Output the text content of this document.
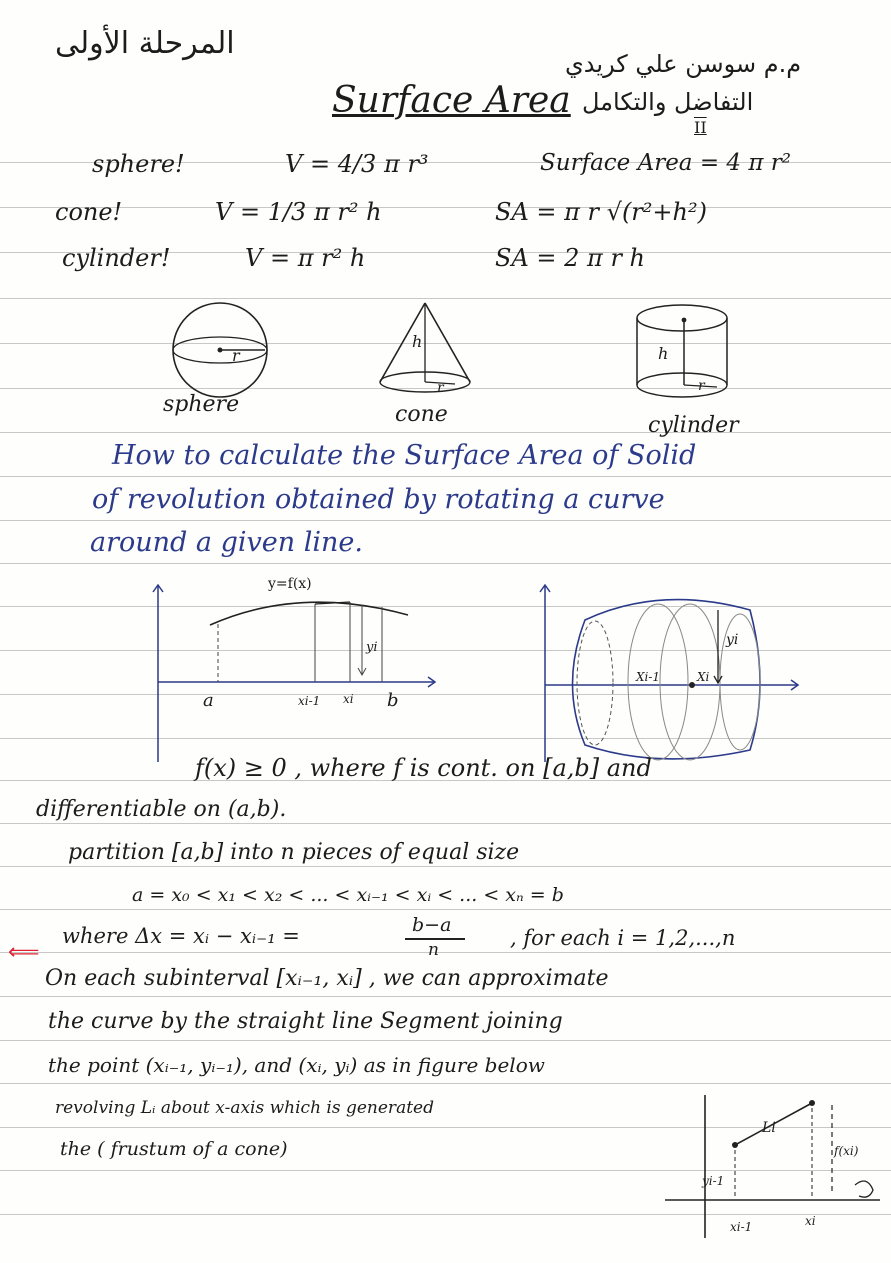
المرحلة الأولى
م.م سوسن علي كريدي
التفاضل والتكامل
II
Surface Area
sphere!	V = 4/3 π r³	Surface Area = 4 π r²
cone!	V = 1/3 π r² h	SA = π r √(r²+h²)
cylinder!	V = π r² h	SA = 2 π r h
r
sphere
h
r
cone
h
r
cylinder
How to calculate the Surface Area of Solid
of revolution obtained by rotating a curve
around a given line.
y=f(x)
yi
a	xi-1 xi b
yi
Xi-1	Xi
f(x) ≥ 0 , where f is cont. on [a,b] and
differentiable on (a,b).
partition [a,b] into n pieces of equal size
a = x₀ < x₁ < x₂ < ... < xᵢ₋₁ < xᵢ < ... < xₙ = b
where Δx = xᵢ − xᵢ₋₁ =	b−a
n	, for each i = 1,2,...,n
⟸
On each subinterval [xᵢ₋₁, xᵢ] , we can approximate
the curve by the straight line Segment joining
the point (xᵢ₋₁, yᵢ₋₁), and (xᵢ, yᵢ) as in figure below
revolving Lᵢ about x-axis which is generated
the ( frustum of a cone)
Li
yi-1
f(xi)
xi-1	xi
